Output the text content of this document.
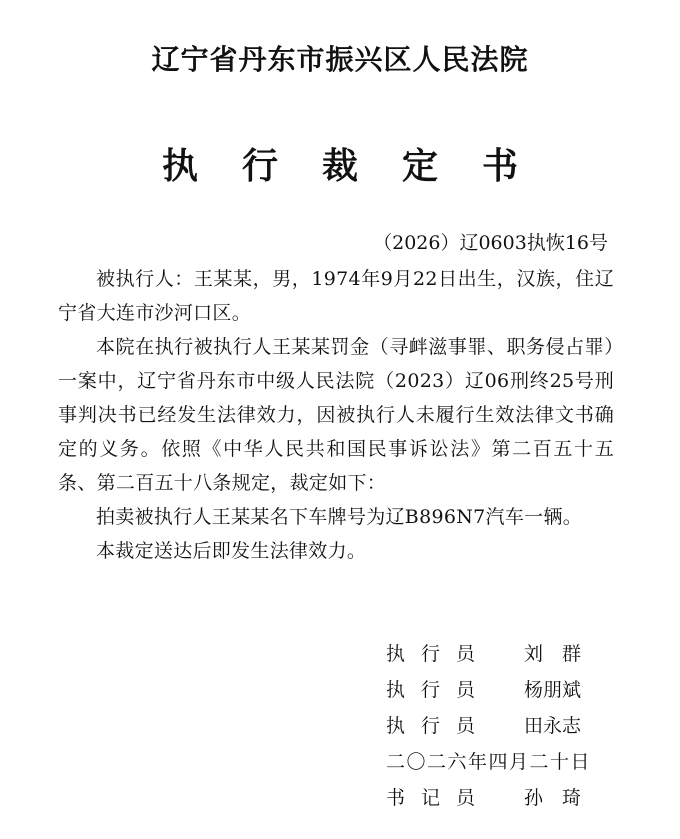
辽宁省丹东市振兴区人民法院
执行裁定书
（2026）辽0603执恢16号

被执行人：王某某，男，1974年9月22日出生，汉族，住辽宁省大连市沙河口区。

本院在执行被执行人王某某罚金（寻衅滋事罪、职务侵占罪）一案中，辽宁省丹东市中级人民法院（2023）辽06刑终25号刑事判决书已经发生法律效力，因被执行人未履行生效法律文书确定的义务。依照《中华人民共和国民事诉讼法》第二百五十五条、第二百五十八条规定，裁定如下：

拍卖被执行人王某某名下车牌号为辽B896N7汽车一辆。

本裁定送达后即发生法律效力。

执行员 刘　群
执行员 杨朋斌
执行员 田永志
二〇二六年四月二十日
书记员 孙　琦
